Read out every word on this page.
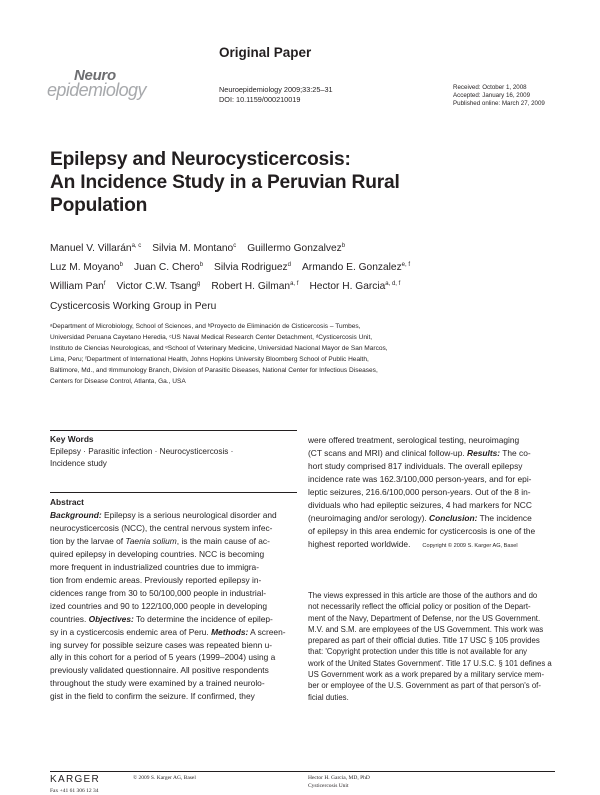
Original Paper
Neuro
epidemiology	Neuroepidemiology 2009;33:25–31
DOI: 10.1159/000210019
Received: October 1, 2008
Accepted: January 16, 2009
Published online: March 27, 2009
Epilepsy and Neurocysticercosis:
An Incidence Study in a Peruvian Rural
Population
Manuel V. Villarán$^{a, c}$ Silvia M. Montano$^c$ Guillermo Gonzalvez$^b$
Luz M. Moyano$^b$ Juan C. Chero$^b$ Silvia Rodriguez$^d$ Armando E. Gonzalez$^{e, f}$
William Pan$^f$ Victor C.W. Tsang$^g$ Robert H. Gilman$^{a, f}$ Hector H. Garcia$^{a, d, f}$
Cysticercosis Working Group in Peru
ᵃDepartment of Microbiology, School of Sciences, and ᵇProyecto de Eliminación de Cisticercosis – Tumbes,
Universidad Peruana Cayetano Heredia, ᶜUS Naval Medical Research Center Detachment, ᵈCysticercosis Unit,
Instituto de Ciencias Neurologicas, and ᵉSchool of Veterinary Medicine, Universidad Nacional Mayor de San Marcos,
Lima, Peru; ᶠDepartment of International Health, Johns Hopkins University Bloomberg School of Public Health,
Baltimore, Md., and ᵍImmunology Branch, Division of Parasitic Diseases, National Center for Infectious Diseases,
Centers for Disease Control, Atlanta, Ga., USA
Key Words
Epilepsy · Parasitic infection · Neurocysticercosis ·
Incidence study
Abstract
Background: Epilepsy is a serious neurological disorder and
neurocysticercosis (NCC), the central nervous system infec-
tion by the larvae of Taenia solium, is the main cause of ac-
quired epilepsy in developing countries. NCC is becoming
more frequent in industrialized countries due to immigra-
tion from endemic areas. Previously reported epilepsy in-
cidences range from 30 to 50/100,000 people in industrial-
ized countries and 90 to 122/100,000 people in developing
countries. Objectives: To determine the incidence of epilep-
sy in a cysticercosis endemic area of Peru. Methods: A screen-
ing survey for possible seizure cases was repeated bienn u-
ally in this cohort for a period of 5 years (1999–2004) using a
previously validated questionnaire. All positive respondents
throughout the study were examined by a trained neurolo-
gist in the field to confirm the seizure. If confirmed, they
were offered treatment, serological testing, neuroimaging
(CT scans and MRI) and clinical follow-up. Results: The co-
hort study comprised 817 individuals. The overall epilepsy
incidence rate was 162.3/100,000 person-years, and for epi-
leptic seizures, 216.6/100,000 person-years. Out of the 8 in-
dividuals who had epileptic seizures, 4 had markers for NCC
(neuroimaging and/or serology). Conclusion: The incidence
of epilepsy in this area endemic for cysticercosis is one of the
highest reported worldwide. Copyright © 2009 S. Karger AG, Basel
The views expressed in this article are those of the authors and do
not necessarily reflect the official policy or position of the Depart-
ment of the Navy, Department of Defense, nor the US Government.
M.V. and S.M. are employees of the US Government. This work was
prepared as part of their official duties. Title 17 USC § 105 provides
that: 'Copyright protection under this title is not available for any
work of the United States Government'. Title 17 U.S.C. § 101 defines a
US Government work as a work prepared by a military service mem-
ber or employee of the U.S. Government as part of that person's of-
ficial duties.
KARGER
Fax +41 61 306 12 34
© 2009 S. Karger AG, Basel	Hector H. Garcia, MD, PhD
Cysticercosis Unit
